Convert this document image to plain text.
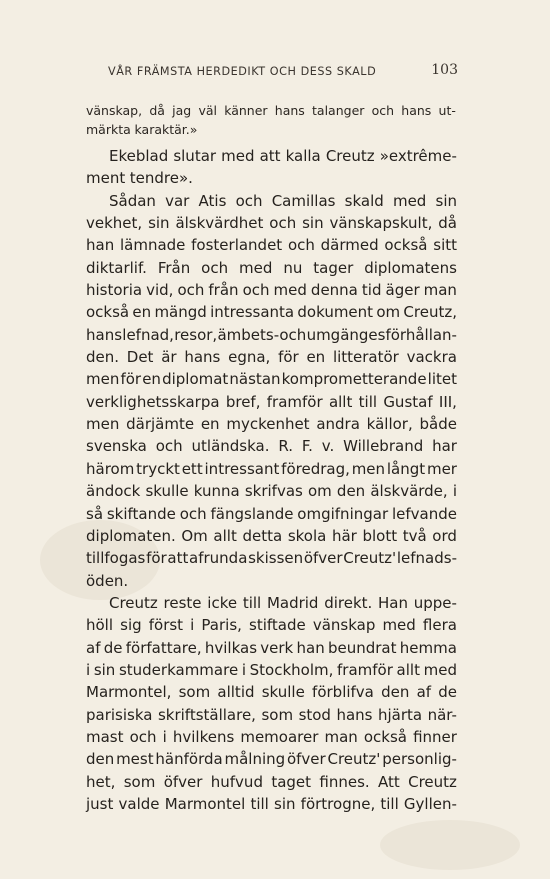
VÅR FRÄMSTA HERDEDIKT OCH DESS SKALD	103
vänskap, då jag väl känner hans talanger och hans ut-
märkta karaktär.»
Ekeblad slutar med att kalla Creutz »extrême-
ment tendre».
Sådan var Atis och Camillas skald med sin
vekhet, sin älskvärdhet och sin vänskapskult, då
han lämnade fosterlandet och därmed också sitt
diktarlif. Från och med nu tager diplomatens
historia vid, och från och med denna tid äger man
också en mängd intressanta dokument om Creutz,
hans lefnad, resor, ämbets- och umgängesförhållan-
den. Det är hans egna, för en litteratör vackra
men för en diplomat nästan komprometterande litet
verklighetsskarpa bref, framför allt till Gustaf III,
men därjämte en myckenhet andra källor, både
svenska och utländska. R. F. v. Willebrand har
härom tryckt ett intressant föredrag, men långt mer
ändock skulle kunna skrifvas om den älskvärde, i
så skiftande och fängslande omgifningar lefvande
diplomaten. Om allt detta skola här blott två ord
tillfogas för att afrunda skissen öfver Creutz' lefnads-
öden.
Creutz reste icke till Madrid direkt. Han uppe-
höll sig först i Paris, stiftade vänskap med flera
af de författare, hvilkas verk han beundrat hemma
i sin studerkammare i Stockholm, framför allt med
Marmontel, som alltid skulle förblifva den af de
parisiska skriftställare, som stod hans hjärta när-
mast och i hvilkens memoarer man också finner
den mest hänförda målning öfver Creutz' personlig-
het, som öfver hufvud taget finnes. Att Creutz
just valde Marmontel till sin förtrogne, till Gyllen-
